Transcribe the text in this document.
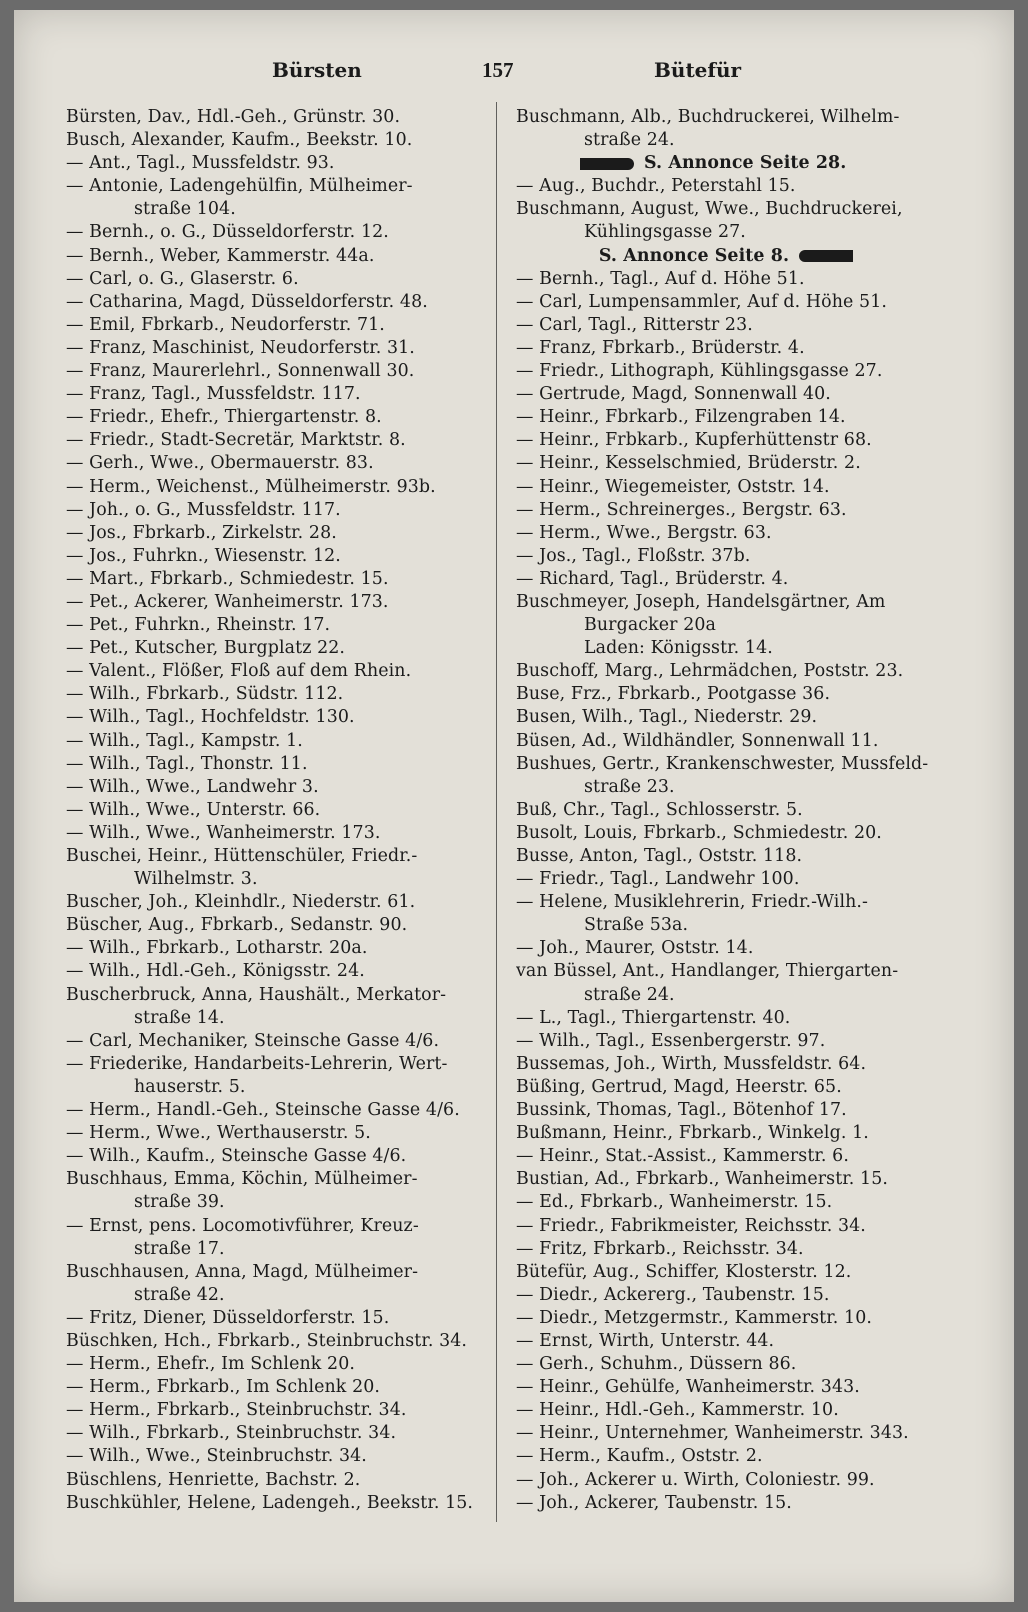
Bürsten	157	Bütefür
Bürsten, Dav., Hdl.-Geh., Grünstr. 30.
Busch, Alexander, Kaufm., Beekstr. 10.
— Ant., Tagl., Mussfeldstr. 93.
— Antonie, Ladengehülfin, Mülheimer-
straße 104.
— Bernh., o. G., Düsseldorferstr. 12.
— Bernh., Weber, Kammerstr. 44a.
— Carl, o. G., Glaserstr. 6.
— Catharina, Magd, Düsseldorferstr. 48.
— Emil, Fbrkarb., Neudorferstr. 71.
— Franz, Maschinist, Neudorferstr. 31.
— Franz, Maurerlehrl., Sonnenwall 30.
— Franz, Tagl., Mussfeldstr. 117.
— Friedr., Ehefr., Thiergartenstr. 8.
— Friedr., Stadt-Secretär, Marktstr. 8.
— Gerh., Wwe., Obermauerstr. 83.
— Herm., Weichenst., Mülheimerstr. 93b.
— Joh., o. G., Mussfeldstr. 117.
— Jos., Fbrkarb., Zirkelstr. 28.
— Jos., Fuhrkn., Wiesenstr. 12.
— Mart., Fbrkarb., Schmiedestr. 15.
— Pet., Ackerer, Wanheimerstr. 173.
— Pet., Fuhrkn., Rheinstr. 17.
— Pet., Kutscher, Burgplatz 22.
— Valent., Flößer, Floß auf dem Rhein.
— Wilh., Fbrkarb., Südstr. 112.
— Wilh., Tagl., Hochfeldstr. 130.
— Wilh., Tagl., Kampstr. 1.
— Wilh., Tagl., Thonstr. 11.
— Wilh., Wwe., Landwehr 3.
— Wilh., Wwe., Unterstr. 66.
— Wilh., Wwe., Wanheimerstr. 173.
Buschei, Heinr., Hüttenschüler, Friedr.-
Wilhelmstr. 3.
Buscher, Joh., Kleinhdlr., Niederstr. 61.
Büscher, Aug., Fbrkarb., Sedanstr. 90.
— Wilh., Fbrkarb., Lotharstr. 20a.
— Wilh., Hdl.-Geh., Königsstr. 24.
Buscherbruck, Anna, Haushält., Merkator-
straße 14.
— Carl, Mechaniker, Steinsche Gasse 4/6.
— Friederike, Handarbeits-Lehrerin, Wert-
hauserstr. 5.
— Herm., Handl.-Geh., Steinsche Gasse 4/6.
— Herm., Wwe., Werthauserstr. 5.
— Wilh., Kaufm., Steinsche Gasse 4/6.
Buschhaus, Emma, Köchin, Mülheimer-
straße 39.
— Ernst, pens. Locomotivführer, Kreuz-
straße 17.
Buschhausen, Anna, Magd, Mülheimer-
straße 42.
— Fritz, Diener, Düsseldorferstr. 15.
Büschken, Hch., Fbrkarb., Steinbruchstr. 34.
— Herm., Ehefr., Im Schlenk 20.
— Herm., Fbrkarb., Im Schlenk 20.
— Herm., Fbrkarb., Steinbruchstr. 34.
— Wilh., Fbrkarb., Steinbruchstr. 34.
— Wilh., Wwe., Steinbruchstr. 34.
Büschlens, Henriette, Bachstr. 2.
Buschkühler, Helene, Ladengeh., Beekstr. 15.
Buschmann, Alb., Buchdruckerei, Wilhelm-
straße 24.
S. Annonce Seite 28.
— Aug., Buchdr., Peterstahl 15.
Buschmann, August, Wwe., Buchdruckerei,
Kühlingsgasse 27.
S. Annonce Seite 8.
— Bernh., Tagl., Auf d. Höhe 51.
— Carl, Lumpensammler, Auf d. Höhe 51.
— Carl, Tagl., Ritterstr 23.
— Franz, Fbrkarb., Brüderstr. 4.
— Friedr., Lithograph, Kühlingsgasse 27.
— Gertrude, Magd, Sonnenwall 40.
— Heinr., Fbrkarb., Filzengraben 14.
— Heinr., Frbkarb., Kupferhüttenstr 68.
— Heinr., Kesselschmied, Brüderstr. 2.
— Heinr., Wiegemeister, Oststr. 14.
— Herm., Schreinerges., Bergstr. 63.
— Herm., Wwe., Bergstr. 63.
— Jos., Tagl., Floßstr. 37b.
— Richard, Tagl., Brüderstr. 4.
Buschmeyer, Joseph, Handelsgärtner, Am
Burgacker 20a
Laden: Königsstr. 14.
Buschoff, Marg., Lehrmädchen, Poststr. 23.
Buse, Frz., Fbrkarb., Pootgasse 36.
Busen, Wilh., Tagl., Niederstr. 29.
Büsen, Ad., Wildhändler, Sonnenwall 11.
Bushues, Gertr., Krankenschwester, Mussfeld-
straße 23.
Buß, Chr., Tagl., Schlosserstr. 5.
Busolt, Louis, Fbrkarb., Schmiedestr. 20.
Busse, Anton, Tagl., Oststr. 118.
— Friedr., Tagl., Landwehr 100.
— Helene, Musiklehrerin, Friedr.-Wilh.-
Straße 53a.
— Joh., Maurer, Oststr. 14.
van Büssel, Ant., Handlanger, Thiergarten-
straße 24.
— L., Tagl., Thiergartenstr. 40.
— Wilh., Tagl., Essenbergerstr. 97.
Bussemas, Joh., Wirth, Mussfeldstr. 64.
Büßing, Gertrud, Magd, Heerstr. 65.
Bussink, Thomas, Tagl., Bötenhof 17.
Bußmann, Heinr., Fbrkarb., Winkelg. 1.
— Heinr., Stat.-Assist., Kammerstr. 6.
Bustian, Ad., Fbrkarb., Wanheimerstr. 15.
— Ed., Fbrkarb., Wanheimerstr. 15.
— Friedr., Fabrikmeister, Reichsstr. 34.
— Fritz, Fbrkarb., Reichsstr. 34.
Bütefür, Aug., Schiffer, Klosterstr. 12.
— Diedr., Ackererg., Taubenstr. 15.
— Diedr., Metzgermstr., Kammerstr. 10.
— Ernst, Wirth, Unterstr. 44.
— Gerh., Schuhm., Düssern 86.
— Heinr., Gehülfe, Wanheimerstr. 343.
— Heinr., Hdl.-Geh., Kammerstr. 10.
— Heinr., Unternehmer, Wanheimerstr. 343.
— Herm., Kaufm., Oststr. 2.
— Joh., Ackerer u. Wirth, Coloniestr. 99.
— Joh., Ackerer, Taubenstr. 15.
